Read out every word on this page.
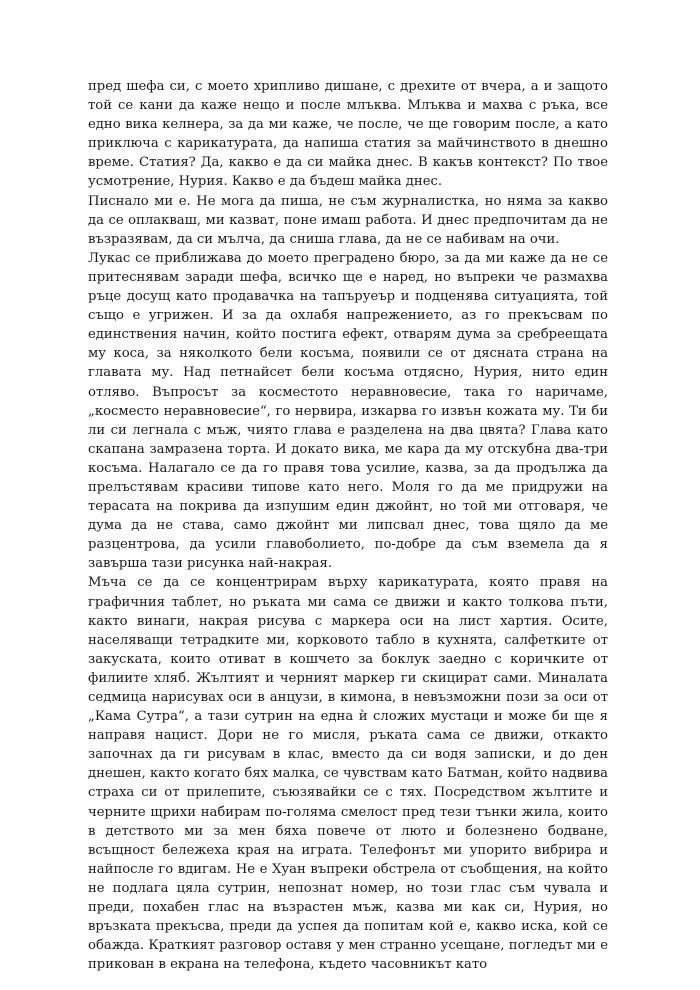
пред шефа си, с моето хрипливо дишане, с дрехите от вчера, а и защото той се кани да каже нещо и после млъква. Млъква и махва с ръка, все едно вика келнера, за да ми каже, че после, че ще говорим после, а като приключа с карикатурата, да напиша статия за майчинството в днешно време. Статия? Да, какво е да си майка днес. В какъв контекст? По твое усмотрение, Нурия. Какво е да бъдеш майка днес.

Писнало ми е. Не мога да пиша, не съм журналистка, но няма за какво да се оплакваш, ми казват, поне имаш работа. И днес предпочитам да не възразявам, да си мълча, да сниша глава, да не се набивам на очи.

Лукас се приближава до моето преградено бюро, за да ми каже да не се притеснявам заради шефа, всичко ще е наред, но въпреки че размахва ръце досущ като продавачка на тапъруеър и подценява ситуацията, той също е угрижен. И за да охлабя напрежението, аз го прекъсвам по единствения начин, който постига ефект, отварям дума за сребреещата му коса, за няколкото бели косъма, появили се от дясната страна на главата му. Над петнайсет бели косъма отдясно, Нурия, нито един отляво. Въпросът за косместото неравновесие, така го наричаме, „косместо неравновесие“, го нервира, изкарва го извън кожата му. Ти би ли си легнала с мъж, чиято глава е разделена на два цвята? Глава като скапана замразена торта. И докато вика, ме кара да му отскубна два-три косъма. Налагало се да го правя това усилие, казва, за да продължа да прелъстявам красиви типове като него. Моля го да ме придружи на терасата на покрива да изпушим един джойнт, но той ми отговаря, че дума да не става, само джойнт ми липсвал днес, това щяло да ме разцентрова, да усили главоболието, по-добре да съм вземела да я завърша тази рисунка най-накрая.

Мъча се да се концентрирам върху карикатурата, която правя на графичния таблет, но ръката ми сама се движи и както толкова пъти, както винаги, накрая рисува с маркера оси на лист хартия. Осите, населяващи тетрадките ми, корковото табло в кухнята, салфетките от закуската, които отиват в кошчето за боклук заедно с коричките от филиите хляб. Жълтият и черният маркер ги скицират сами. Миналата седмица нарисувах оси в анцузи, в кимона, в невъзможни пози за оси от „Кама Сутра“, а тази сутрин на една ѝ сложих мустаци и може би ще я направя нацист. Дори не го мисля, ръката сама се движи, откакто започнах да ги рисувам в клас, вместо да си водя записки, и до ден днешен, както когато бях малка, се чувствам като Батман, който надвива страха си от прилепите, съюзявайки се с тях. Посредством жълтите и черните щрихи набирам по-голяма смелост пред тези тънки жила, които в детството ми за мен бяха повече от лютo и болезнено бодване, всъщност бележеха края на играта. Телефонът ми упорито вибрира и найпосле го вдигам. Не е Хуан въпреки обстрела от съобщения, на който не подлага цяла сутрин, непознат номер, но този глас съм чувала и преди, похабен глас на възрастен мъж, казва ми как си, Нурия, но връзката прекъсва, преди да успея да попитам кой е, какво иска, кой се обажда. Краткият разговор оставя у мен странно усещане, погледът ми е прикован в екрана на телефона, където часовникът като
